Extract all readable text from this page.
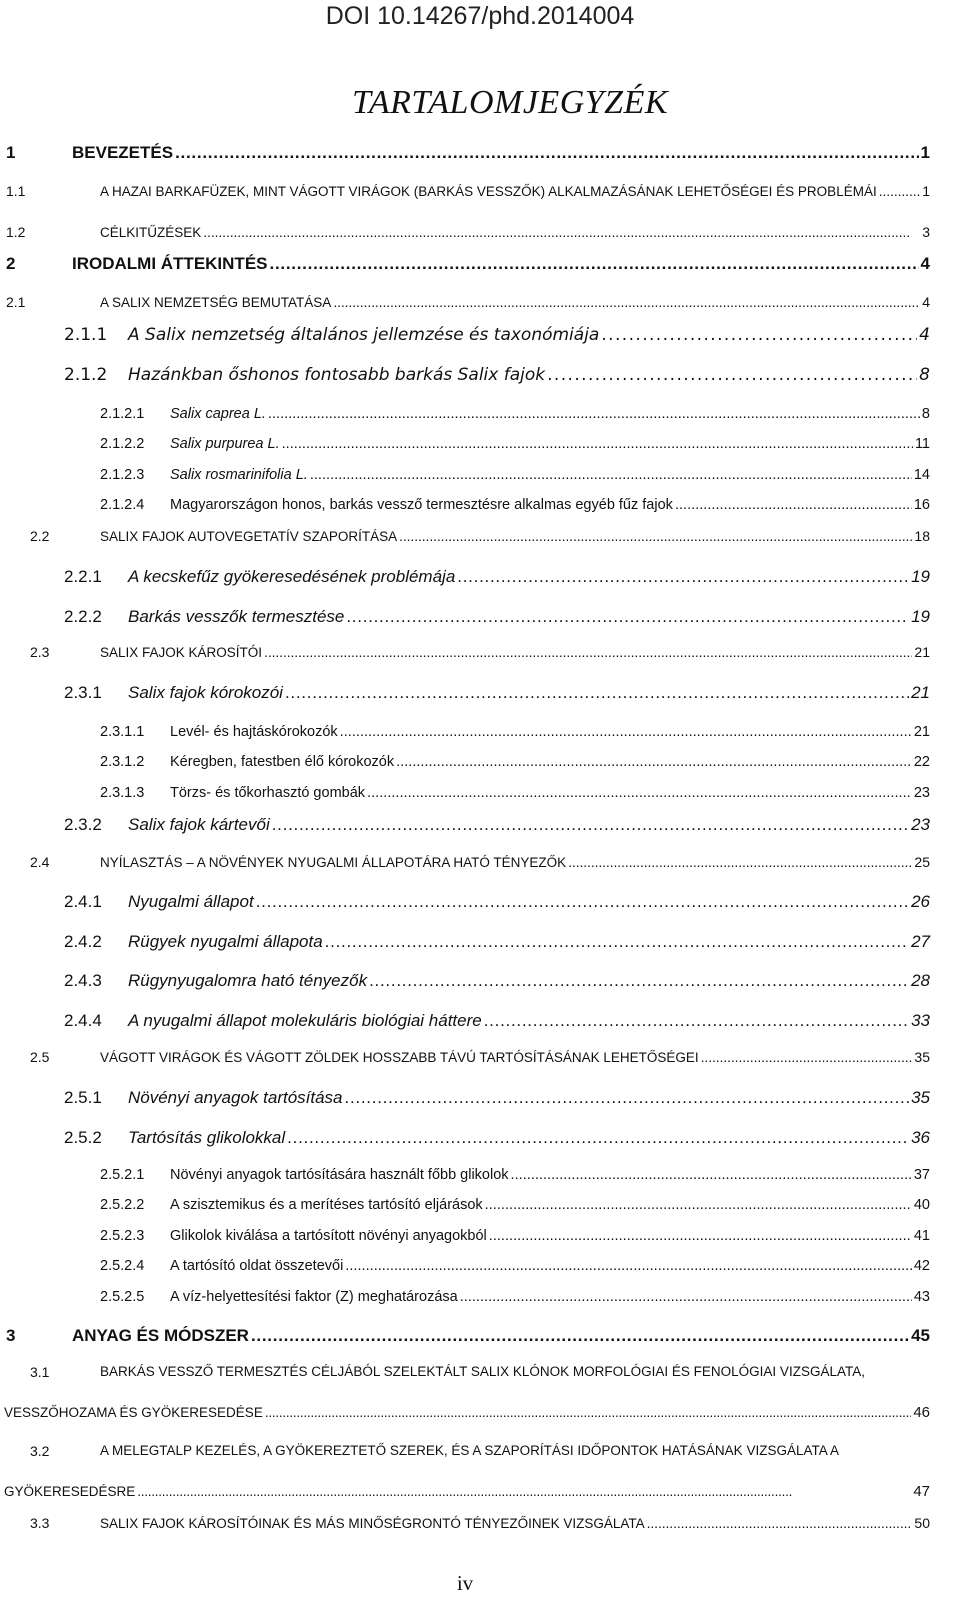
DOI 10.14267/phd.2014004
TARTALOMJEGYZÉK
1	BEVEZETÉS . . .	1
1.1	A HAZAI BARKAFÜZEK, MINT VÁGOTT VIRÁGOK (BARKÁS VESSZŐK) ALKALMAZÁSÁNAK LEHETŐSÉGEI ÉS PROBLÉMÁI . . .	1
1.2	CÉLKITŰZÉSEK . . .	3
2	IRODALMI ÁTTEKINTÉS . . .	4
2.1	A SALIX NEMZETSÉG BEMUTATÁSA . . .	4
2.1.1 A Salix nemzetség általános jellemzése és taxonómiája . . .	4
2.1.2 Hazánkban őshonos fontosabb barkás Salix fajok . . .	8
2.1.2.1 Salix caprea L. . . .	8
2.1.2.2 Salix purpurea L. . . .	11
2.1.2.3 Salix rosmarinifolia L. . . .	14
2.1.2.4 Magyarországon honos, barkás vessző termesztésre alkalmas egyéb fűz fajok . . .	16
2.2	SALIX FAJOK AUTOVEGETATÍV SZAPORÍTÁSA . . .	18
2.2.1 A kecskefűz gyökeresedésének problémája . . .	19
2.2.2 Barkás vesszők termesztése . . .	19
2.3	SALIX FAJOK KÁROSÍTÓI . . .	21
2.3.1 Salix fajok kórokozói . . .	21
2.3.1.1 Levél- és hajtáskórokozók . . .	21
2.3.1.2 Kéregben, fatestben élő kórokozók . . .	22
2.3.1.3 Törzs- és tőkorhasztó gombák . . .	23
2.3.2 Salix fajok kártevői . . .	23
2.4	NYÍLASZTÁS – A NÖVÉNYEK NYUGALMI ÁLLAPOTÁRA HATÓ TÉNYEZŐK . . .	25
2.4.1 Nyugalmi állapot . . .	26
2.4.2 Rügyek nyugalmi állapota . . .	27
2.4.3 Rügynyugalomra ható tényezők . . .	28
2.4.4 A nyugalmi állapot molekuláris biológiai háttere . . .	33
2.5	VÁGOTT VIRÁGOK ÉS VÁGOTT ZÖLDEK HOSSZABB TÁVÚ TARTÓSÍTÁSÁNAK LEHETŐSÉGEI . . .	35
2.5.1 Növényi anyagok tartósítása . . .	35
2.5.2 Tartósítás glikolokkal . . .	36
2.5.2.1 Növényi anyagok tartósítására használt főbb glikolok . . .	37
2.5.2.2 A szisztemikus és a merítéses tartósító eljárások . . .	40
2.5.2.3 Glikolok kiválása a tartósított növényi anyagokból . . .	41
2.5.2.4 A tartósító oldat összetevői . . .	42
2.5.2.5 A víz-helyettesítési faktor (Z) meghatározása . . .	43
3	ANYAG ÉS MÓDSZER . . .	45
3.1	BARKÁS VESSZŐ TERMESZTÉS CÉLJÁBÓL SZELEKTÁLT SALIX KLÓNOK MORFOLÓGIAI ÉS FENOLÓGIAI VIZSGÁLATA,
VESSZŐHOZAMA ÉS GYÖKERESEDÉSE . . .	46
3.2	A MELEGTALP KEZELÉS, A GYÖKEREZTETŐ SZEREK, ÉS A SZAPORÍTÁSI IDŐPONTOK HATÁSÁNAK VIZSGÁLATA A
GYÖKERESEDÉSRE . . .	47
3.3	SALIX FAJOK KÁROSÍTÓINAK ÉS MÁS MINŐSÉGRONTÓ TÉNYEZŐINEK VIZSGÁLATA . . .	50
iv
